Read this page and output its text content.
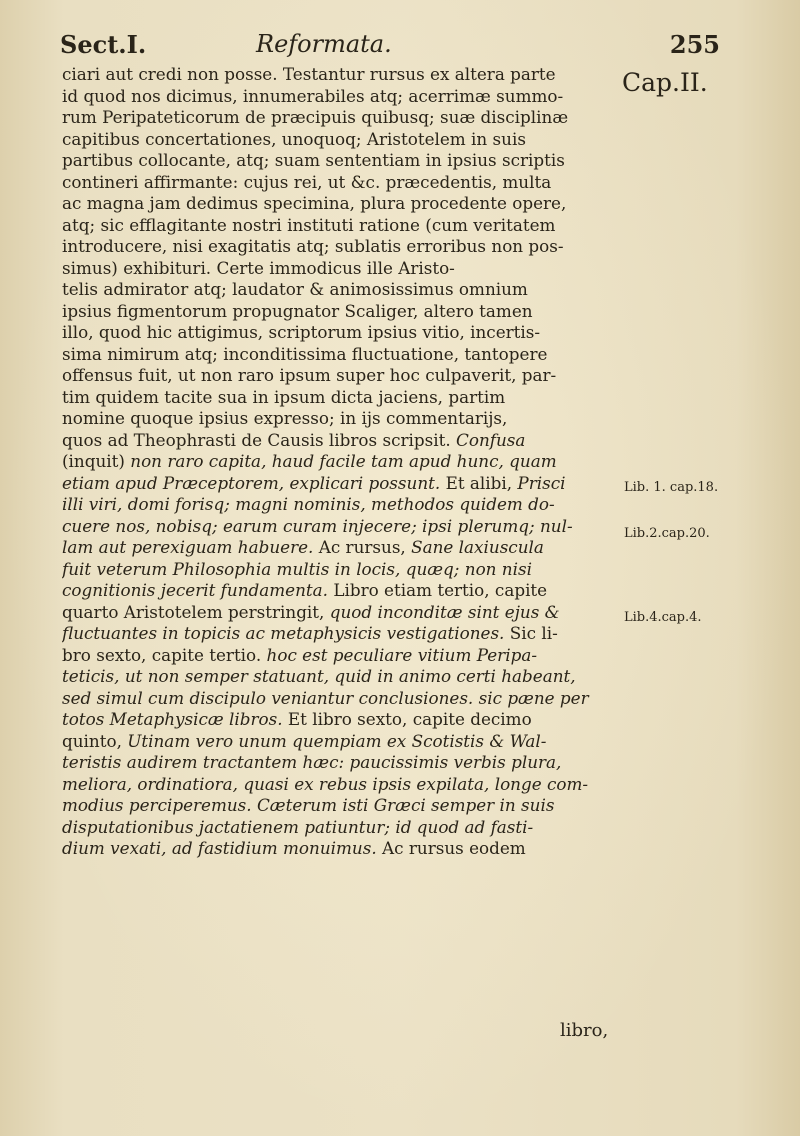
Sect.I.	Reformata.	255
Cap.II.
Lib. 1. cap.18.
Lib.2.cap.20.
Lib.4.cap.4.
ciari aut credi non posse. Testantur rursus ex altera parte
id quod nos dicimus, innumerabiles atq; acerrimæ summo-
rum Peripateticorum de præcipuis quibusq; suæ disciplinæ
capitibus concertationes, unoquoq; Aristotelem in suis
partibus collocante, atq; suam sententiam in ipsius scriptis
contineri affirmante: cujus rei, ut &c. præcedentis, multa
ac magna jam dedimus specimina, plura procedente opere,
atq; sic efflagitante nostri instituti ratione (cum veritatem
introducere, nisi exagitatis atq; sublatis erroribus non pos-
simus) exhibituri. Certe immodicus ille Aristo-
telis admirator atq; laudator & animosissimus omnium
ipsius figmentorum propugnator Scaliger, altero tamen
illo, quod hic attigimus, scriptorum ipsius vitio, incertis-
sima nimirum atq; inconditissima fluctuatione, tantopere
offensus fuit, ut non raro ipsum super hoc culpaverit, par-
tim quidem tacite sua in ipsum dicta jaciens, partim
nomine quoque ipsius expresso; in ijs commentarijs,
quos ad Theophrasti de Causis libros scripsit. Confusa
(inquit) non raro capita, haud facile tam apud hunc, quam
etiam apud Præceptorem, explicari possunt. Et alibi, Prisci
illi viri, domi forisq; magni nominis, methodos quidem do-
cuere nos, nobisq; earum curam injecere; ipsi plerumq; nul-
lam aut perexiguam habuere. Ac rursus, Sane laxiuscula
fuit veterum Philosophia multis in locis, quæq; non nisi
cognitionis jecerit fundamenta. Libro etiam tertio, capite
quarto Aristotelem perstringit, quod inconditæ sint ejus &
fluctuantes in topicis ac metaphysicis vestigationes. Sic li-
bro sexto, capite tertio. hoc est peculiare vitium Peripa-
teticis, ut non semper statuant, quid in animo certi habeant,
sed simul cum discipulo veniantur conclusiones. sic pæne per
totos Metaphysicæ libros. Et libro sexto, capite decimo
quinto, Utinam vero unum quempiam ex Scotistis & Wal-
teristis audirem tractantem hæc: paucissimis verbis plura,
meliora, ordinatiora, quasi ex rebus ipsis expilata, longe com-
modius perciperemus. Cæterum isti Græci semper in suis
disputationibus jactatienem patiuntur; id quod ad fasti-
dium vexati, ad fastidium monuimus. Ac rursus eodem
libro,
